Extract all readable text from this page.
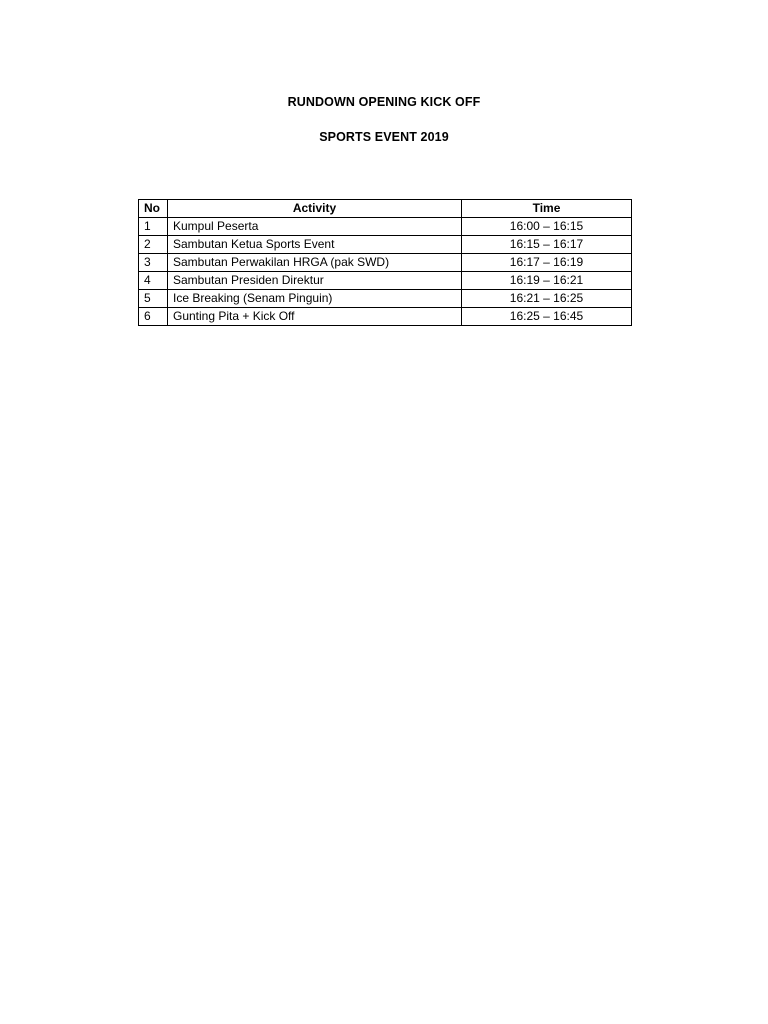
RUNDOWN OPENING KICK OFF
SPORTS EVENT 2019
No	Activity	Time
1	Kumpul Peserta	16:00 – 16:15
2	Sambutan Ketua Sports Event	16:15 – 16:17
3	Sambutan Perwakilan HRGA (pak SWD)	16:17 – 16:19
4	Sambutan Presiden Direktur	16:19 – 16:21
5	Ice Breaking (Senam Pinguin)	16:21 – 16:25
6	Gunting Pita + Kick Off	16:25 – 16:45
